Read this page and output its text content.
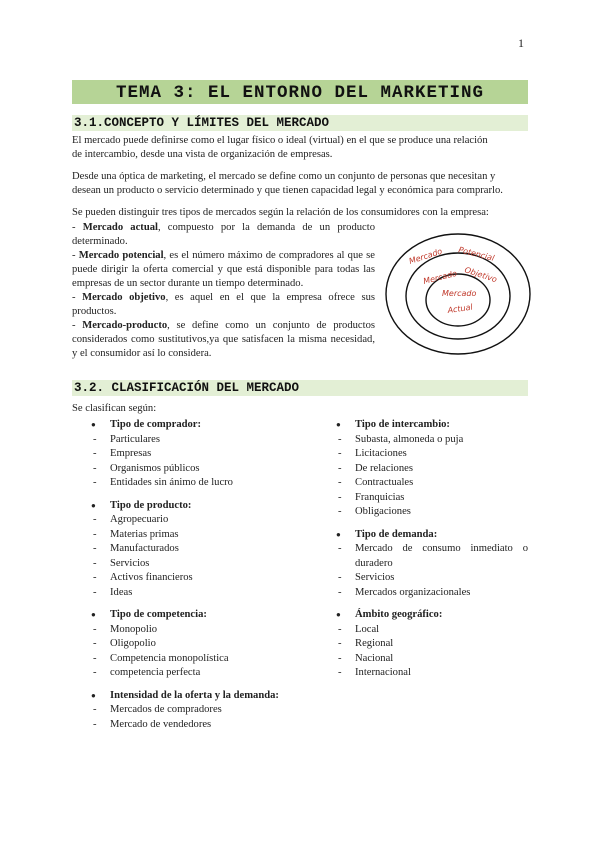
1
TEMA 3: EL ENTORNO DEL MARKETING
3.1.CONCEPTO Y LÍMITES DEL MERCADO
El mercado puede definirse como el lugar físico o ideal (virtual) en el que se produce una relación
de intercambio, desde una vista de organización de empresas.
Desde una óptica de marketing, el mercado se define como un conjunto de personas que necesitan y
desean un producto o servicio determinado y que tienen capacidad legal y económica para comprarlo.
Se pueden distinguir tres tipos de mercados según la relación de los consumidores con la empresa:
- Mercado actual, compuesto por la demanda de un producto determinado.
- Mercado potencial, es el número máximo de compradores al que se puede dirigir la oferta comercial y que está disponible para todas las empresas de un sector durante un tiempo determinado.
- Mercado objetivo, es aquel en el que la empresa ofrece sus productos.
- Mercado-producto, se define como un conjunto de productos considerados como sustitutivos,ya que satisfacen la misma necesidad, y el consumidor así lo considera.
Mercado Potencial
Mercado Objetivo
Mercado
Actual
3.2. CLASIFICACIÓN DEL MERCADO
Se clasifican según:
● Tipo de comprador:
- Particulares
- Empresas
- Organismos públicos
- Entidades sin ánimo de lucro
● Tipo de producto:
- Agropecuario
- Materias primas
- Manufacturados
- Servicios
- Activos financieros
- Ideas
● Tipo de competencia:
- Monopolio
- Oligopolio
- Competencia monopolística
- competencia perfecta
● Intensidad de la oferta y la demanda:
- Mercados de compradores
- Mercado de vendedores
● Tipo de intercambio:
- Subasta, almoneda o puja
- Licitaciones
- De relaciones
- Contractuales
- Franquicias
- Obligaciones
● Tipo de demanda:
- Mercado de consumo inmediato o duradero
- Servicios
- Mercados organizacionales
● Ámbito geográfico:
- Local
- Regional
- Nacional
- Internacional
